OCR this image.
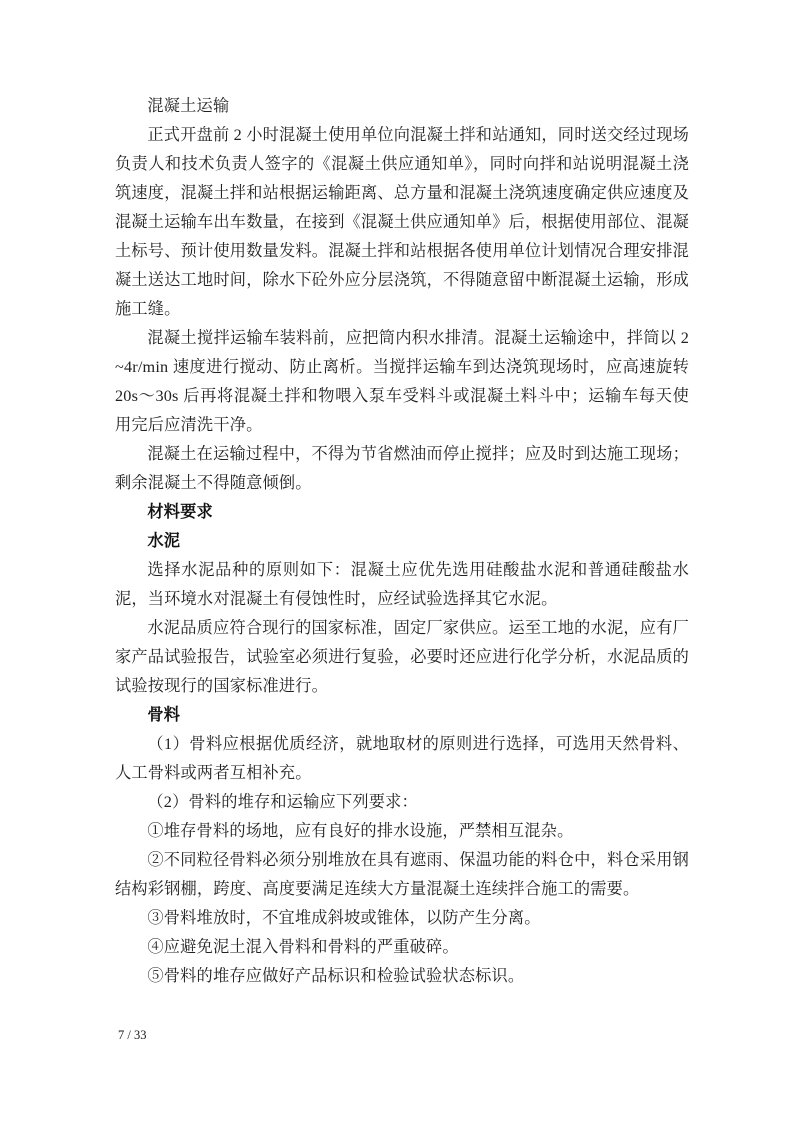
混凝土运输

正式开盘前 2 小时混凝土使用单位向混凝土拌和站通知，同时送交经过现场负责人和技术负责人签字的《混凝土供应通知单》，同时向拌和站说明混凝土浇筑速度，混凝土拌和站根据运输距离、总方量和混凝土浇筑速度确定供应速度及混凝土运输车出车数量，在接到《混凝土供应通知单》后，根据使用部位、混凝土标号、预计使用数量发料。混凝土拌和站根据各使用单位计划情况合理安排混凝土送达工地时间，除水下砼外应分层浇筑，不得随意留中断混凝土运输，形成施工缝。

混凝土搅拌运输车装料前，应把筒内积水排清。混凝土运输途中，拌筒以 2~4r/min 速度进行搅动、防止离析。当搅拌运输车到达浇筑现场时，应高速旋转 20s～30s 后再将混凝土拌和物喂入泵车受料斗或混凝土料斗中；运输车每天使用完后应清洗干净。

混凝土在运输过程中，不得为节省燃油而停止搅拌；应及时到达施工现场；剩余混凝土不得随意倾倒。

材料要求

水泥

选择水泥品种的原则如下：混凝土应优先选用硅酸盐水泥和普通硅酸盐水泥，当环境水对混凝土有侵蚀性时，应经试验选择其它水泥。

水泥品质应符合现行的国家标准，固定厂家供应。运至工地的水泥，应有厂家产品试验报告，试验室必须进行复验，必要时还应进行化学分析，水泥品质的试验按现行的国家标准进行。

骨料

（1）骨料应根据优质经济，就地取材的原则进行选择，可选用天然骨料、人工骨料或两者互相补充。

（2）骨料的堆存和运输应下列要求：

①堆存骨料的场地，应有良好的排水设施，严禁相互混杂。

②不同粒径骨料必须分别堆放在具有遮雨、保温功能的料仓中，料仓采用钢结构彩钢棚，跨度、高度要满足连续大方量混凝土连续拌合施工的需要。

③骨料堆放时，不宜堆成斜坡或锥体，以防产生分离。

④应避免泥土混入骨料和骨料的严重破碎。

⑤骨料的堆存应做好产品标识和检验试验状态标识。

7 / 33
